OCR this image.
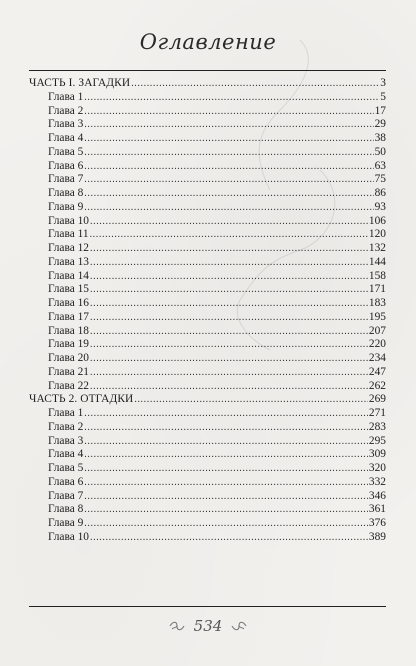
Оглавление
ЧАСТЬ I. ЗАГАДКИ .....	3
Глава 1 .....	5
Глава 2 .....	17
Глава 3 .....	29
Глава 4 .....	38
Глава 5 .....	50
Глава 6 .....	63
Глава 7 .....	75
Глава 8 .....	86
Глава 9 .....	93
Глава 10 .....	106
Глава 11 .....	120
Глава 12 .....	132
Глава 13 .....	144
Глава 14 .....	158
Глава 15 .....	171
Глава 16 .....	183
Глава 17 .....	195
Глава 18 .....	207
Глава 19 .....	220
Глава 20 .....	234
Глава 21 .....	247
Глава 22 .....	262
ЧАСТЬ 2. ОТГАДКИ .....	269
Глава 1 .....	271
Глава 2 .....	283
Глава 3 .....	295
Глава 4 .....	309
Глава 5 .....	320
Глава 6 .....	332
Глава 7 .....	346
Глава 8 .....	361
Глава 9 .....	376
Глава 10 .....	389
534
